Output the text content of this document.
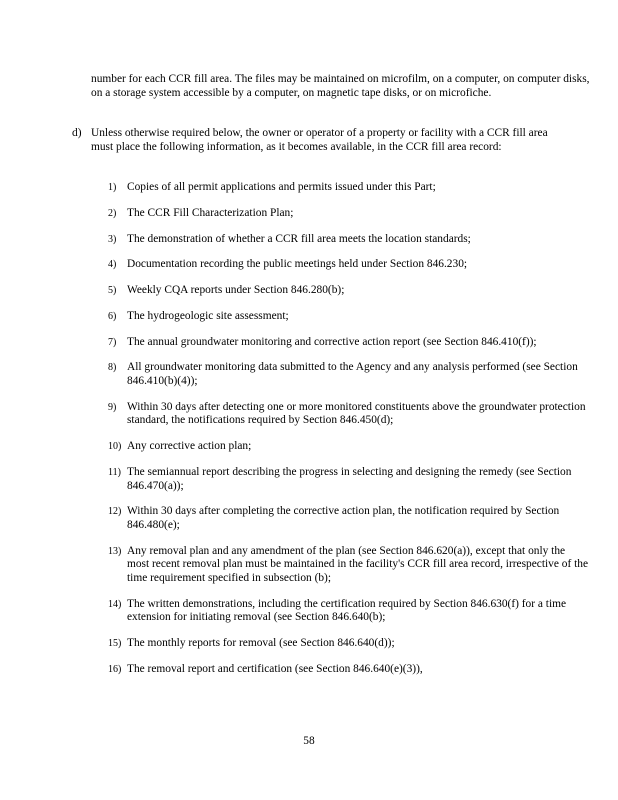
number for each CCR fill area. The files may be maintained on microfilm, on a computer, on computer disks, on a storage system accessible by a computer, on magnetic tape disks, or on microfiche.

d) Unless otherwise required below, the owner or operator of a property or facility with a CCR fill area must place the following information, as it becomes available, in the CCR fill area record:
1) Copies of all permit applications and permits issued under this Part;
2) The CCR Fill Characterization Plan;
3) The demonstration of whether a CCR fill area meets the location standards;
4) Documentation recording the public meetings held under Section 846.230;
5) Weekly CQA reports under Section 846.280(b);
6) The hydrogeologic site assessment;
7) The annual groundwater monitoring and corrective action report (see Section 846.410(f));
8) All groundwater monitoring data submitted to the Agency and any analysis performed (see Section 846.410(b)(4));
9) Within 30 days after detecting one or more monitored constituents above the groundwater protection standard, the notifications required by Section 846.450(d);
10) Any corrective action plan;
11) The semiannual report describing the progress in selecting and designing the remedy (see Section 846.470(a));
12) Within 30 days after completing the corrective action plan, the notification required by Section 846.480(e);
13) Any removal plan and any amendment of the plan (see Section 846.620(a)), except that only the most recent removal plan must be maintained in the facility's CCR fill area record, irrespective of the time requirement specified in subsection (b);
14) The written demonstrations, including the certification required by Section 846.630(f) for a time extension for initiating removal (see Section 846.640(b);
15) The monthly reports for removal (see Section 846.640(d));
16) The removal report and certification (see Section 846.640(e)(3)),
58
